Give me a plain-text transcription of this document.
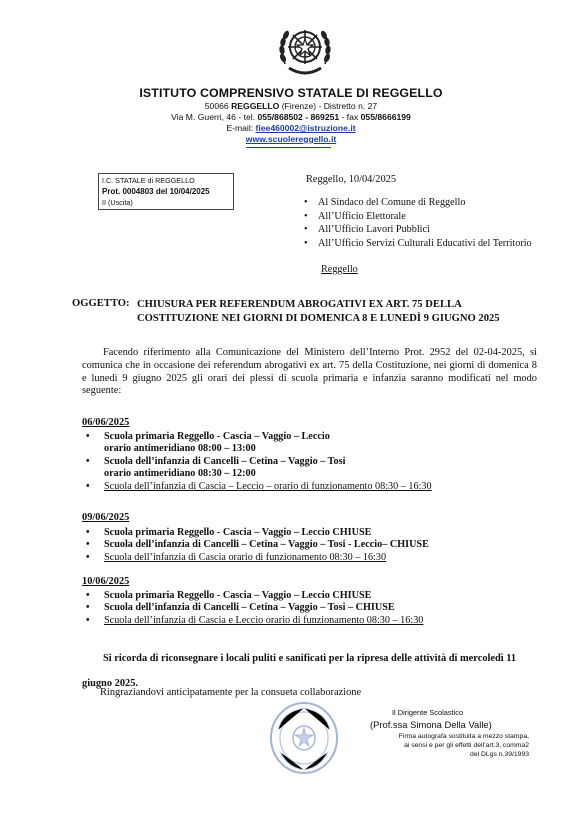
ISTITUTO COMPRENSIVO STATALE DI REGGELLO
50066 REGGELLO (Firenze) - Distretto n. 27
Via M. Guerri, 46 - tel. 055/868502 - 869251 - fax 055/8666199
E-mail: fiee460002@istruzione.it
www.scuolereggello.it
I.C. STATALE di REGGELLO
Prot. 0004803 del 10/04/2025
II (Uscita)
Reggello, 10/04/2025
• Al Sindaco del Comune di Reggello
• All’Ufficio Elettorale
• All’Ufficio Lavori Pubblici
• All’Ufficio Servizi Culturali Educativi del Territorio
Reggello
OGGETTO: CHIUSURA PER REFERENDUM ABROGATIVI EX ART. 75 DELLA COSTITUZIONE NEI GIORNI DI DOMENICA 8 E LUNEDÌ 9 GIUGNO 2025
Facendo riferimento alla Comunicazione del Ministero dell’Interno Prot. 2952 del 02-04-2025, si comunica che in occasione dei referendum abrogativi ex art. 75 della Costituzione, nei giorni di domenica 8 e lunedì 9 giugno 2025 gli orari dei plessi di scuola primaria e infanzia saranno modificati nel modo seguente:
06/06/2025
• Scuola primaria Reggello - Cascia – Vaggio – Leccio
orario antimeridiano 08:00 – 13:00
• Scuola dell’infanzia di Cancelli – Cetina – Vaggio – Tosi
orario antimeridiano 08:30 – 12:00
• Scuola dell’infanzia di Cascia – Leccio – orario di funzionamento 08:30 – 16:30
09/06/2025
• Scuola primaria Reggello - Cascia – Vaggio – Leccio CHIUSE
• Scuola dell’infanzia di Cancelli – Cetina – Vaggio – Tosi - Leccio– CHIUSE
• Scuola dell’infanzia di Cascia orario di funzionamento 08:30 – 16:30
10/06/2025
• Scuola primaria Reggello - Cascia – Vaggio – Leccio CHIUSE
• Scuola dell’infanzia di Cancelli – Cetina – Vaggio – Tosi – CHIUSE
• Scuola dell’infanzia di Cascia e Leccio orario di funzionamento 08:30 – 16:30
Si ricorda di riconsegnare i locali puliti e sanificati per la ripresa delle attività di mercoledì 11 giugno 2025.
Ringraziandovi anticipatamente per la consueta collaborazione
Il Dirigente Scolastico
(Prof.ssa Simona Della Valle)
Firma autografa sostituita a mezzo stampa,
ai sensi e per gli effetti dell’art.3, comma2
del DLgs n.39/1993
